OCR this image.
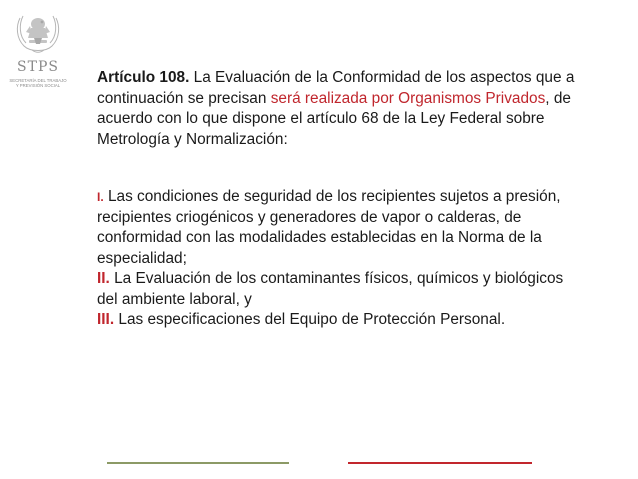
STPS
SECRETARÍA DEL TRABAJO
Y PREVISIÓN SOCIAL	Artículo 108. La Evaluación de la Conformidad de los aspectos que a continuación se precisan será realizada por Organismos Privados, de acuerdo con lo que dispone el artículo 68 de la Ley Federal sobre Metrología y Normalización:

I. Las condiciones de seguridad de los recipientes sujetos a presión, recipientes criogénicos y generadores de vapor o calderas, de conformidad con las modalidades establecidas en la Norma de la especialidad;

II. La Evaluación de los contaminantes físicos, químicos y biológicos del ambiente laboral, y

III. Las especificaciones del Equipo de Protección Personal.
